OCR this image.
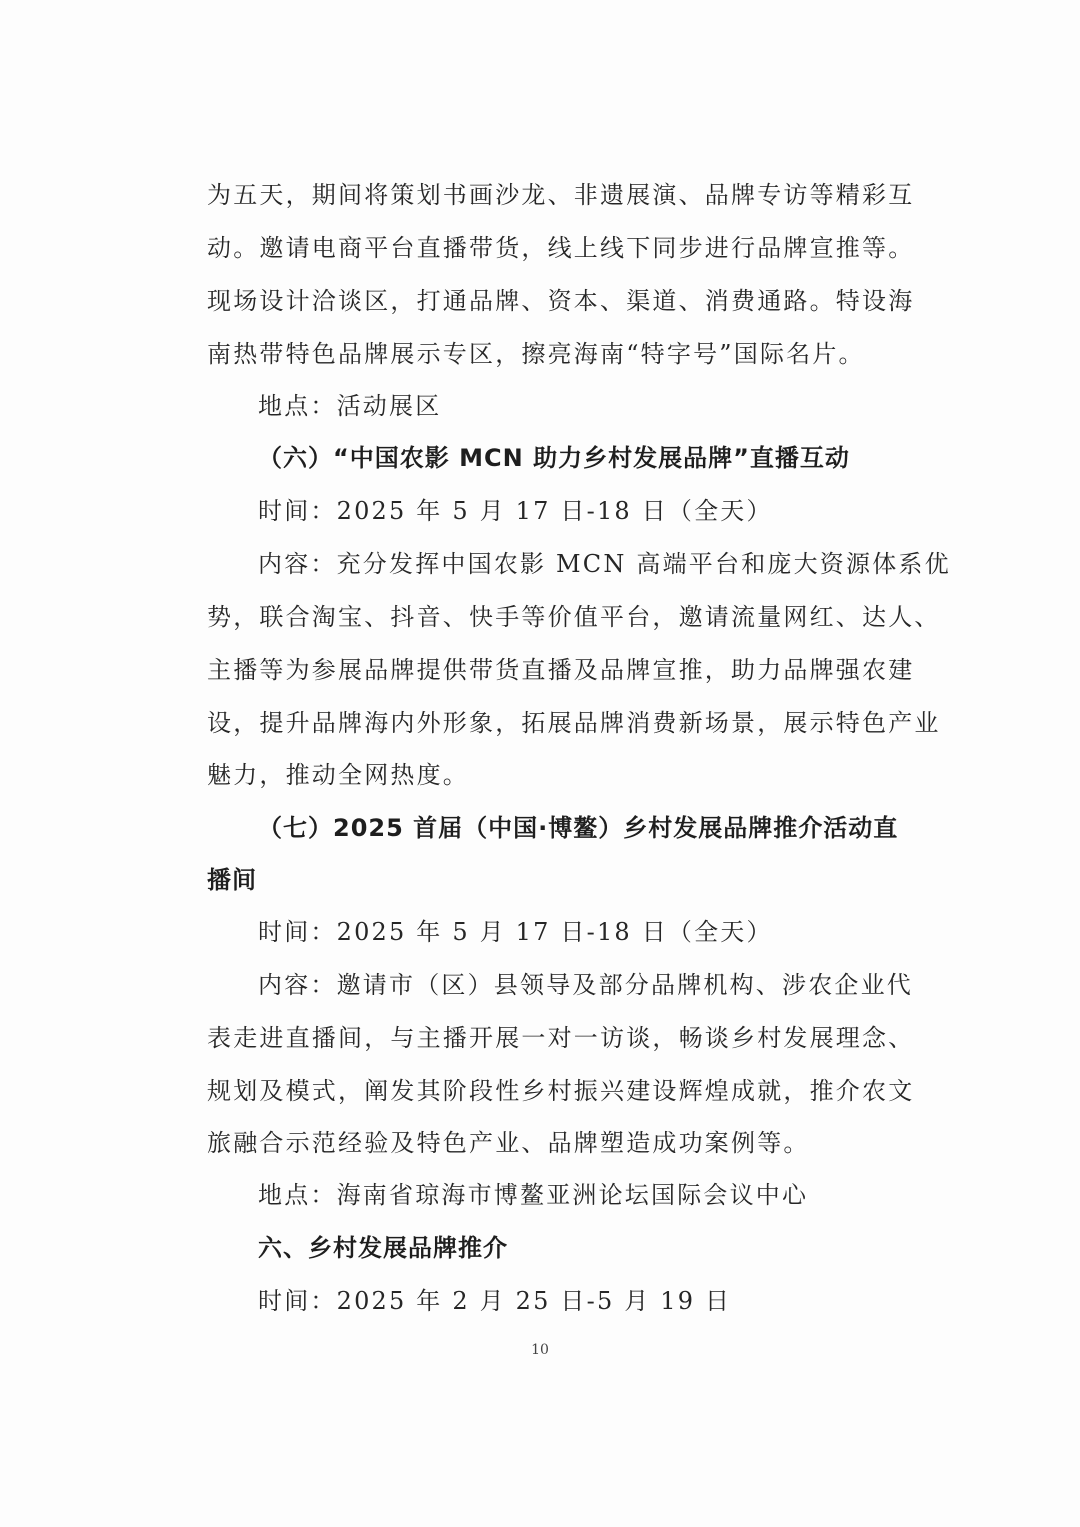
为五天，期间将策划书画沙龙、非遗展演、品牌专访等精彩互
动。邀请电商平台直播带货，线上线下同步进行品牌宣推等。
现场设计洽谈区，打通品牌、资本、渠道、消费通路。特设海
南热带特色品牌展示专区，擦亮海南“特字号”国际名片。
地点：活动展区
（六）“中国农影 MCN 助力乡村发展品牌”直播互动
时间：2025 年 5 月 17 日-18 日（全天）
内容：充分发挥中国农影 MCN 高端平台和庞大资源体系优
势，联合淘宝、抖音、快手等价值平台，邀请流量网红、达人、
主播等为参展品牌提供带货直播及品牌宣推，助力品牌强农建
设，提升品牌海内外形象，拓展品牌消费新场景，展示特色产业
魅力，推动全网热度。
（七）2025 首届（中国·博鳌）乡村发展品牌推介活动直
播间
时间：2025 年 5 月 17 日-18 日（全天）
内容：邀请市（区）县领导及部分品牌机构、涉农企业代
表走进直播间，与主播开展一对一访谈，畅谈乡村发展理念、
规划及模式，阐发其阶段性乡村振兴建设辉煌成就，推介农文
旅融合示范经验及特色产业、品牌塑造成功案例等。
地点：海南省琼海市博鳌亚洲论坛国际会议中心
六、乡村发展品牌推介
时间：2025 年 2 月 25 日-5 月 19 日
10
